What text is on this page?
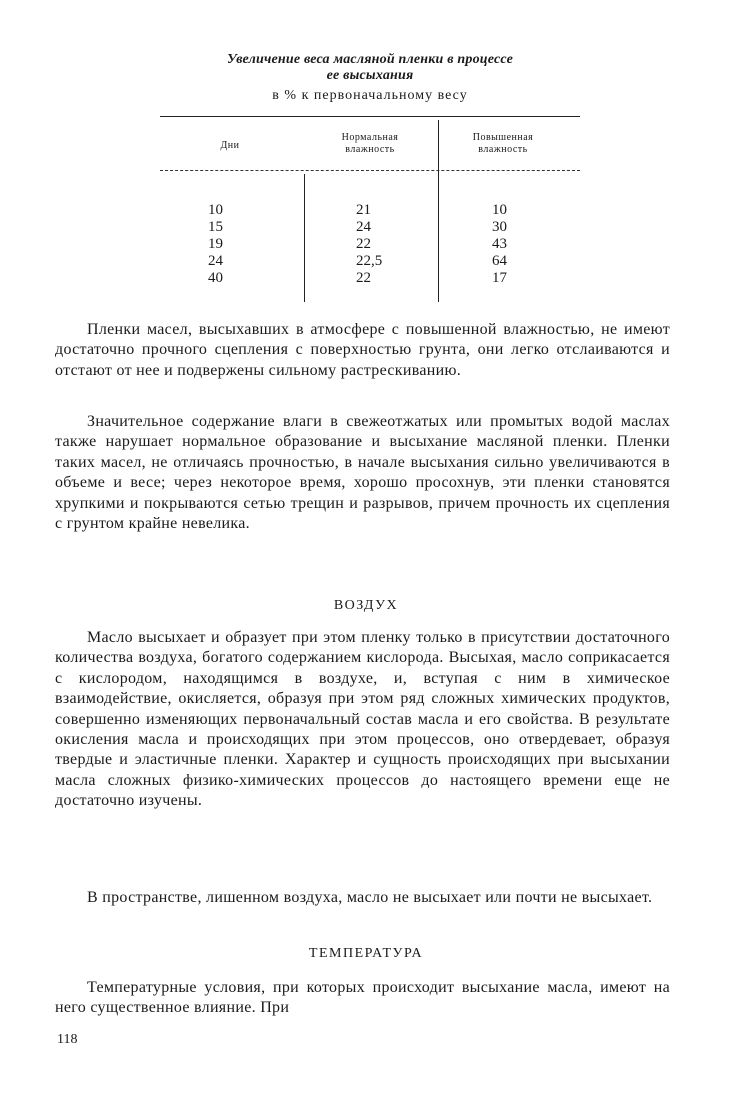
Увеличение веса масляной пленки в процессе
ее высыхания
в % к первоначальному весу
Дни
Нормальная влажность
Повышенная влажность
10
15
19
24
40
21
24
22
22,5
22
10
30
43
64
17

Пленки масел, высыхавших в атмосфере с повышенной влажностью, не имеют достаточно прочного сцепления с поверхностью грунта, они легко отслаиваются и отстают от нее и подвержены сильному растрескиванию.

Значительное содержание влаги в свежеотжатых или промытых водой маслах также нарушает нормальное образование и высыхание масляной пленки. Пленки таких масел, не отличаясь прочностью, в начале высыхания сильно увеличиваются в объеме и весе; через некоторое время, хорошо просохнув, эти пленки становятся хрупкими и покрываются сетью трещин и разрывов, причем прочность их сцепления с грунтом крайне невелика.

ВОЗДУХ

Масло высыхает и образует при этом пленку только в присутствии достаточного количества воздуха, богатого содержанием кислорода. Высыхая, масло соприкасается с кислородом, находящимся в воздухе, и, вступая с ним в химическое взаимодействие, окисляется, образуя при этом ряд сложных химических продуктов, совершенно изменяющих первоначальный состав масла и его свойства. В результате окисления масла и происходящих при этом процессов, оно отвердевает, образуя твердые и эластичные пленки. Характер и сущность происходящих при высыхании масла сложных физико-химических процессов до настоящего времени еще не достаточно изучены.

В пространстве, лишенном воздуха, масло не высыхает или почти не высыхает.

ТЕМПЕРАТУРА

Температурные условия, при которых происходит высыхание масла, имеют на него существенное влияние. При

118
